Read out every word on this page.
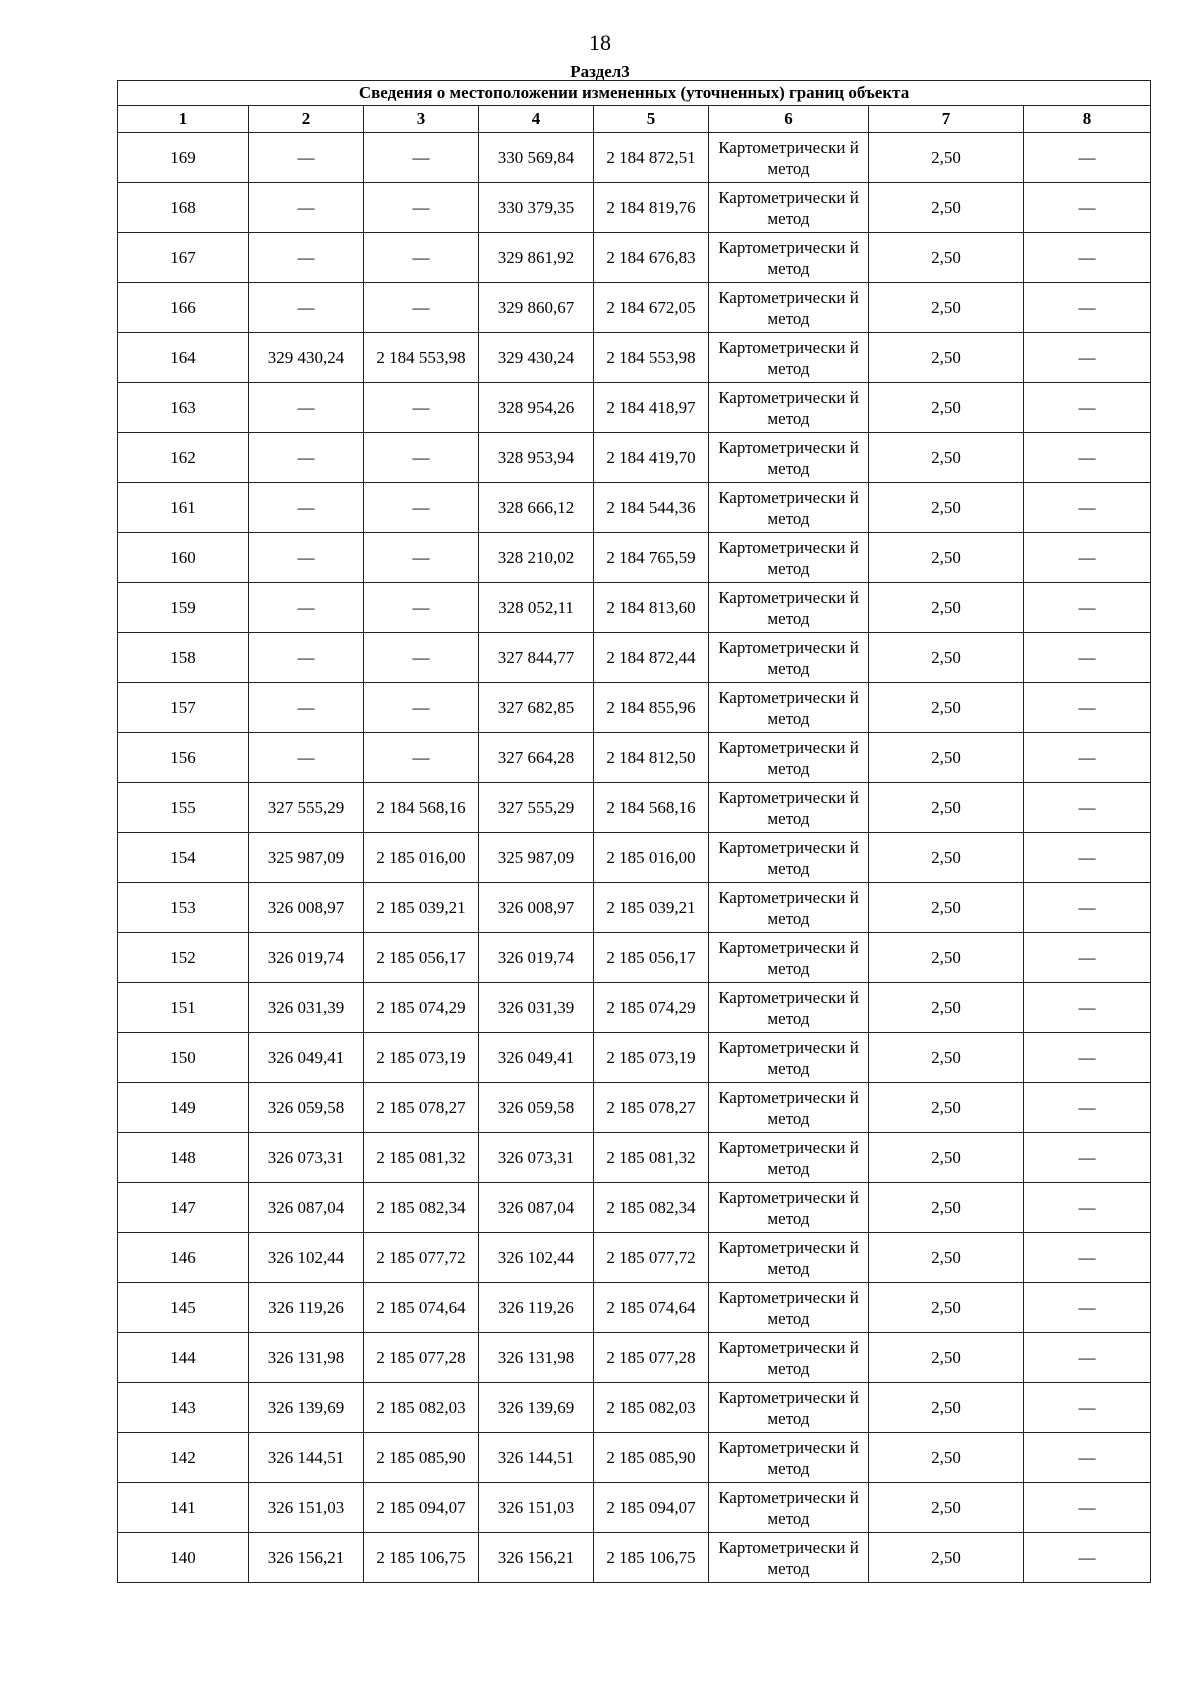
18
Раздел3
Сведения о местоположении измененных (уточненных) границ объекта							
1	2	3	4	5	6	7	8
169	—	—	330 569,84	2 184 872,51	Картометрически й метод	2,50	—
168	—	—	330 379,35	2 184 819,76	Картометрически й метод	2,50	—
167	—	—	329 861,92	2 184 676,83	Картометрически й метод	2,50	—
166	—	—	329 860,67	2 184 672,05	Картометрически й метод	2,50	—
164	329 430,24	2 184 553,98	329 430,24	2 184 553,98	Картометрически й метод	2,50	—
163	—	—	328 954,26	2 184 418,97	Картометрически й метод	2,50	—
162	—	—	328 953,94	2 184 419,70	Картометрически й метод	2,50	—
161	—	—	328 666,12	2 184 544,36	Картометрически й метод	2,50	—
160	—	—	328 210,02	2 184 765,59	Картометрически й метод	2,50	—
159	—	—	328 052,11	2 184 813,60	Картометрически й метод	2,50	—
158	—	—	327 844,77	2 184 872,44	Картометрически й метод	2,50	—
157	—	—	327 682,85	2 184 855,96	Картометрически й метод	2,50	—
156	—	—	327 664,28	2 184 812,50	Картометрически й метод	2,50	—
155	327 555,29	2 184 568,16	327 555,29	2 184 568,16	Картометрически й метод	2,50	—
154	325 987,09	2 185 016,00	325 987,09	2 185 016,00	Картометрически й метод	2,50	—
153	326 008,97	2 185 039,21	326 008,97	2 185 039,21	Картометрически й метод	2,50	—
152	326 019,74	2 185 056,17	326 019,74	2 185 056,17	Картометрически й метод	2,50	—
151	326 031,39	2 185 074,29	326 031,39	2 185 074,29	Картометрически й метод	2,50	—
150	326 049,41	2 185 073,19	326 049,41	2 185 073,19	Картометрически й метод	2,50	—
149	326 059,58	2 185 078,27	326 059,58	2 185 078,27	Картометрически й метод	2,50	—
148	326 073,31	2 185 081,32	326 073,31	2 185 081,32	Картометрически й метод	2,50	—
147	326 087,04	2 185 082,34	326 087,04	2 185 082,34	Картометрически й метод	2,50	—
146	326 102,44	2 185 077,72	326 102,44	2 185 077,72	Картометрически й метод	2,50	—
145	326 119,26	2 185 074,64	326 119,26	2 185 074,64	Картометрически й метод	2,50	—
144	326 131,98	2 185 077,28	326 131,98	2 185 077,28	Картометрически й метод	2,50	—
143	326 139,69	2 185 082,03	326 139,69	2 185 082,03	Картометрически й метод	2,50	—
142	326 144,51	2 185 085,90	326 144,51	2 185 085,90	Картометрически й метод	2,50	—
141	326 151,03	2 185 094,07	326 151,03	2 185 094,07	Картометрически й метод	2,50	—
140	326 156,21	2 185 106,75	326 156,21	2 185 106,75	Картометрически й метод	2,50	—
